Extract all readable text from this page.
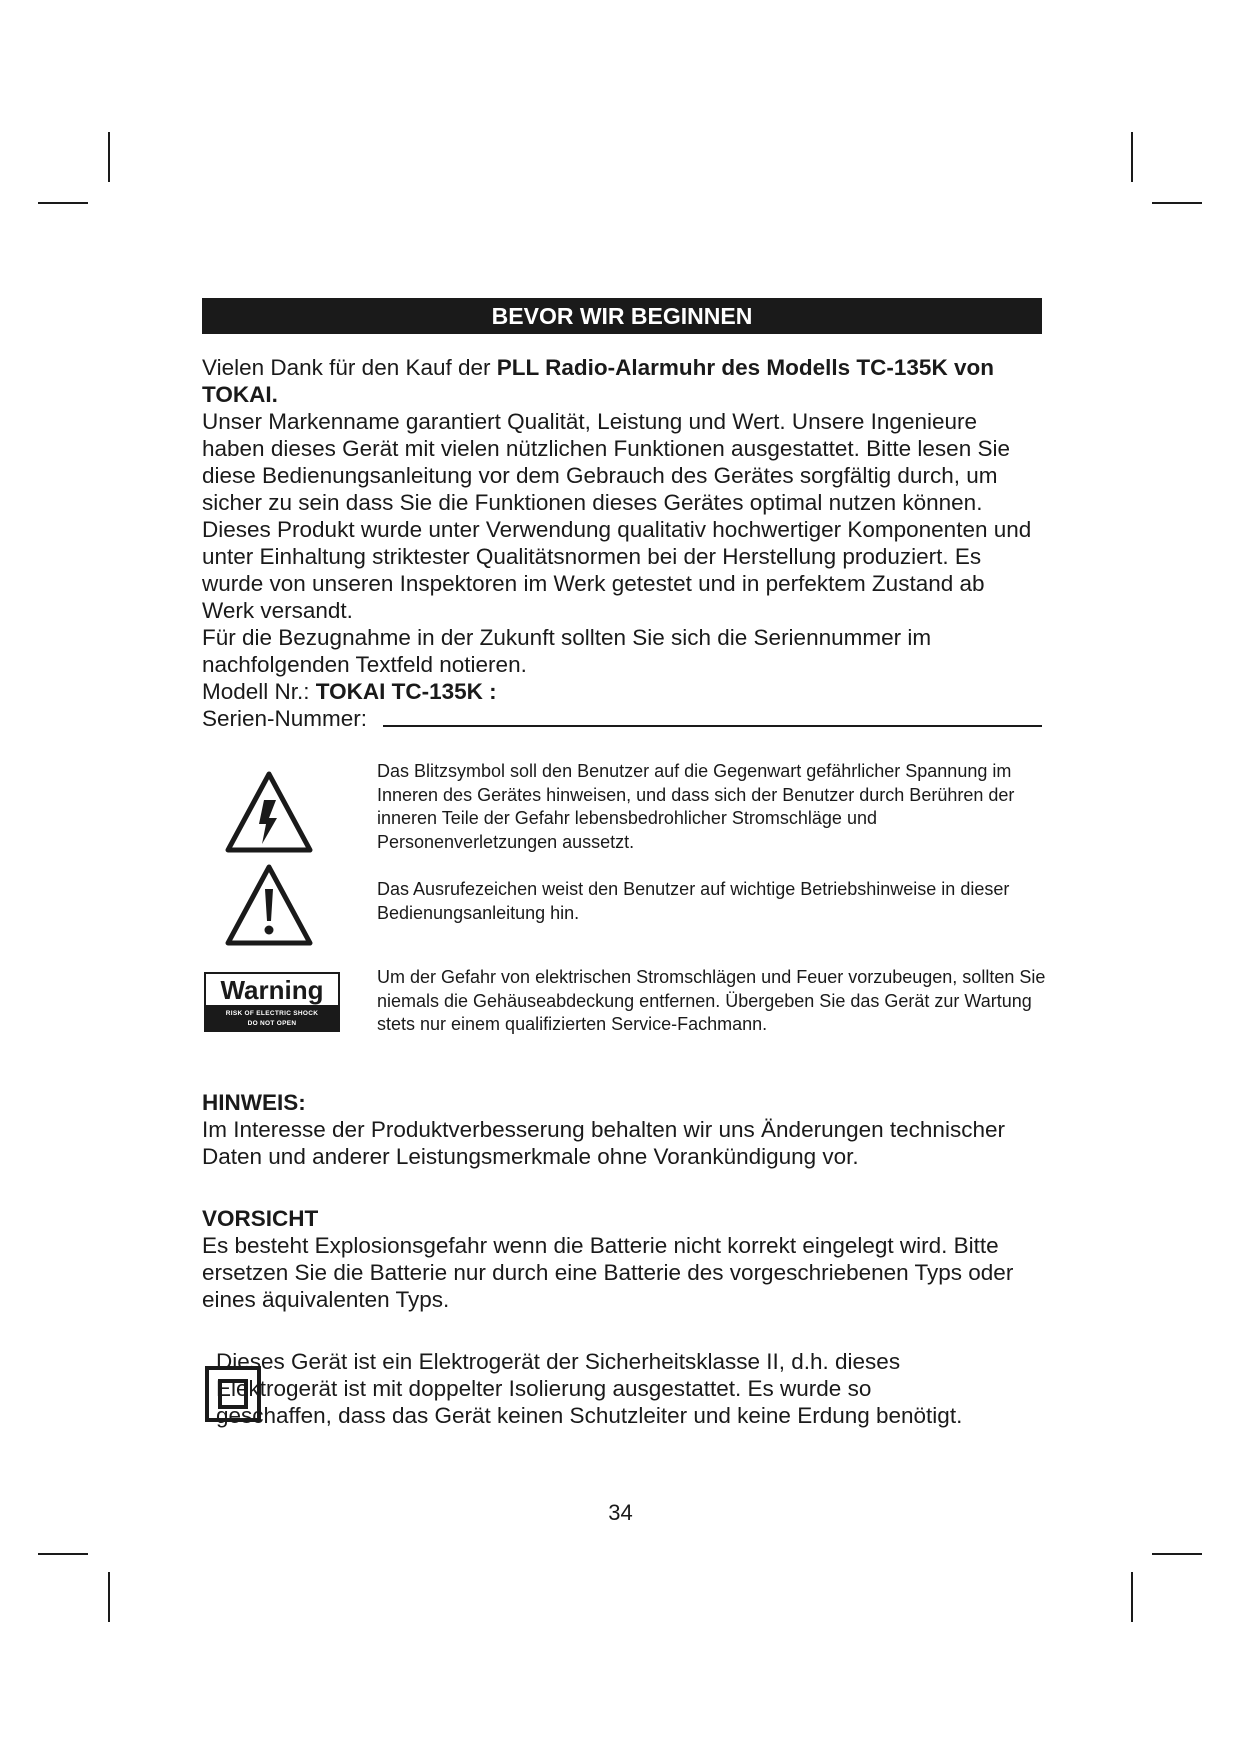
BEVOR WIR BEGINNEN

Vielen Dank für den Kauf der PLL Radio-Alarmuhr des Modells TC-135K von TOKAI.

Unser Markenname garantiert Qualität, Leistung und Wert. Unsere Ingenieure haben dieses Gerät mit vielen nützlichen Funktionen ausgestattet. Bitte lesen Sie diese Bedienungsanleitung vor dem Gebrauch des Gerätes sorgfältig durch, um sicher zu sein dass Sie die Funktionen dieses Gerätes optimal nutzen können.

Dieses Produkt wurde unter Verwendung qualitativ hochwertiger Komponenten und unter Einhaltung striktester Qualitätsnormen bei der Herstellung produziert. Es wurde von unseren Inspektoren im Werk getestet und in perfektem Zustand ab Werk versandt.

Für die Bezugnahme in der Zukunft sollten Sie sich die Seriennummer im nachfolgenden Textfeld notieren.

Modell Nr.: TOKAI TC-135K :

Serien-Nummer:

Das Blitzsymbol soll den Benutzer auf die Gegenwart gefährlicher Spannung im Inneren des Gerätes hinweisen, und dass sich der Benutzer durch Berühren der inneren Teile der Gefahr lebensbedrohlicher Stromschläge und Personenverletzungen aussetzt.

Das Ausrufezeichen weist den Benutzer auf wichtige Betriebshinweise in dieser Bedienungsanleitung hin.

Warning
RISK OF ELECTRIC SHOCK
DO NOT OPEN

Um der Gefahr von elektrischen Stromschlägen und Feuer vorzubeugen, sollten Sie niemals die Gehäuseabdeckung entfernen. Übergeben Sie das Gerät zur Wartung stets nur einem qualifizierten Service-Fachmann.

HINWEIS:

Im Interesse der Produktverbesserung behalten wir uns Änderungen technischer Daten und anderer Leistungsmerkmale ohne Vorankündigung vor.

VORSICHT

Es besteht Explosionsgefahr wenn die Batterie nicht korrekt eingelegt wird. Bitte ersetzen Sie die Batterie nur durch eine Batterie des vorgeschriebenen Typs oder eines äquivalenten Typs.

Dieses Gerät ist ein Elektrogerät der Sicherheitsklasse II, d.h. dieses Elektrogerät ist mit doppelter Isolierung ausgestattet. Es wurde so geschaffen, dass das Gerät keinen Schutzleiter und keine Erdung benötigt.

34
